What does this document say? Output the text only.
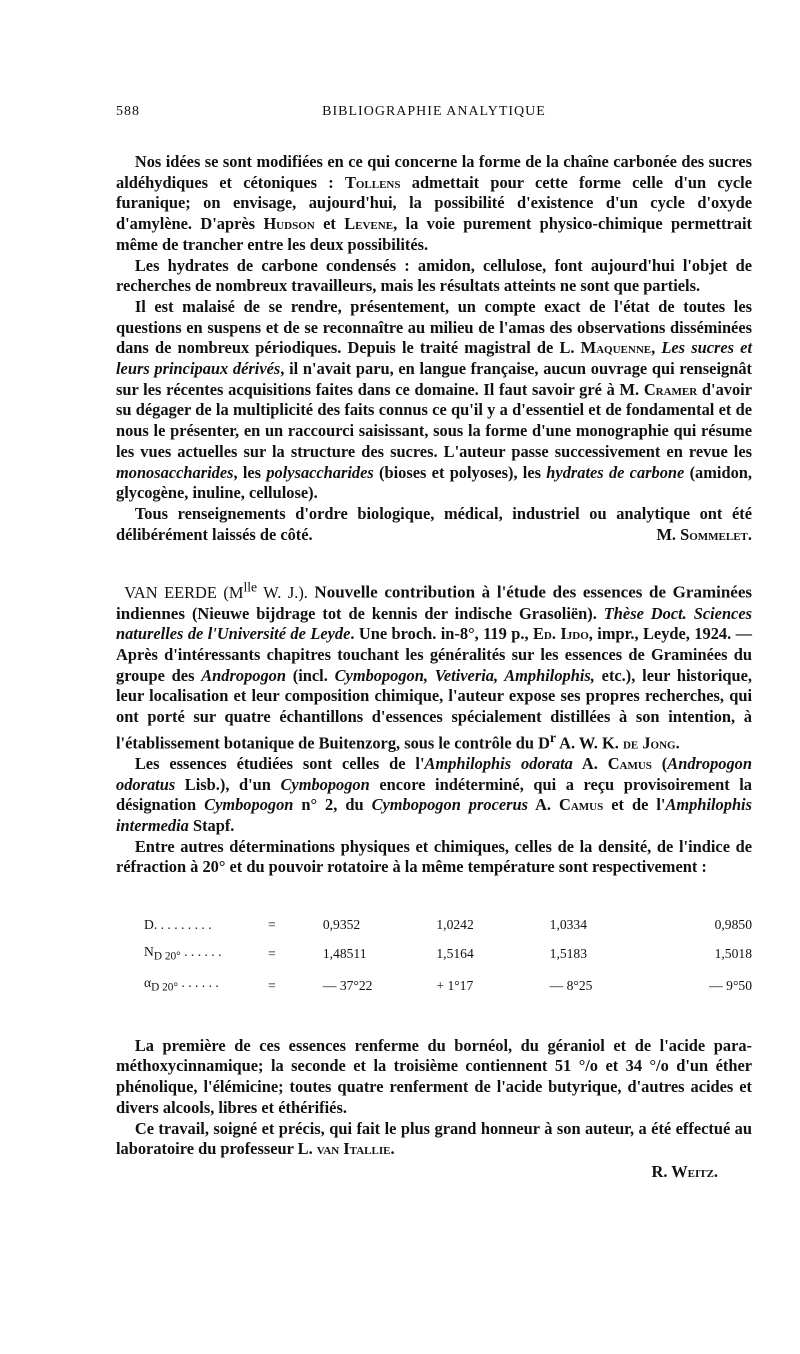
588	BIBLIOGRAPHIE ANALYTIQUE

Nos idées se sont modifiées en ce qui concerne la forme de la chaîne carbonée des sucres aldéhydiques et cétoniques : Tollens admettait pour cette forme celle d'un cycle furanique; on envisage, aujourd'hui, la possibilité d'existence d'un cycle d'oxyde d'amylène. D'après Hudson et Levene, la voie purement physico-chimique permettrait même de trancher entre les deux possibilités.

Les hydrates de carbone condensés : amidon, cellulose, font aujourd'hui l'objet de recherches de nombreux travailleurs, mais les résultats atteints ne sont que partiels.

Il est malaisé de se rendre, présentement, un compte exact de l'état de toutes les questions en suspens et de se reconnaître au milieu de l'amas des observations disséminées dans de nombreux périodiques. Depuis le traité magistral de L. Maquenne, Les sucres et leurs principaux dérivés, il n'avait paru, en langue française, aucun ouvrage qui renseignât sur les récentes acquisitions faites dans ce domaine. Il faut savoir gré à M. Cramer d'avoir su dégager de la multiplicité des faits connus ce qu'il y a d'essentiel et de fondamental et de nous le présenter, en un raccourci saisissant, sous la forme d'une monographie qui résume les vues actuelles sur la structure des sucres. L'auteur passe successivement en revue les monosaccharides, les polysaccharides (bioses et polyoses), les hydrates de carbone (amidon, glycogène, inuline, cellulose).

Tous renseignements d'ordre biologique, médical, industriel ou analytique ont été délibérément laissés de côté.	M. Sommelet.

VAN EERDE ($M^{lle}$ W. J.). Nouvelle contribution à l'étude des essences de Graminées indiennes (Nieuwe bijdrage tot de kennis der indische Grasoliën). Thèse Doct. Sciences naturelles de l'Université de Leyde. Une broch. in-8°, 119 p., Ed. Ijdo, impr., Leyde, 1924. — Après d'intéressants chapitres touchant les généralités sur les essences de Graminées du groupe des Andropogon (incl. Cymbopogon, Vetiveria, Amphilophis, etc.), leur historique, leur localisation et leur composition chimique, l'auteur expose ses propres recherches, qui ont porté sur quatre échantillons d'essences spécialement distillées à son intention, à l'établissement botanique de Buitenzorg, sous le contrôle du $D^r$ A. W. K. de Jong.

Les essences étudiées sont celles de l'Amphilophis odorata A. Camus (Andropogon odoratus Lisb.), d'un Cymbopogon encore indéterminé, qui a reçu provisoirement la désignation Cymbopogon n° 2, du Cymbopogon procerus A. Camus et de l'Amphilophis intermedia Stapf.

Entre autres déterminations physiques et chimiques, celles de la densité, de l'indice de réfraction à 20° et du pouvoir rotatoire à la même température sont respectivement :

D. . . . . . . . .	=	0,9352	1,0242	1,0334	0,9850
$N_{D 20^\circ}$ . . . . . .	=	1,48511	1,5164	1,5183	1,5018
$\alpha_{D 20^\circ}$ . . . . . .	=	— 37°22	+ 1°17	— 8°25	— 9°50

La première de ces essences renferme du bornéol, du géraniol et de l'acide para-méthoxycinnamique; la seconde et la troisième contiennent 51 °/o et 34 °/o d'un éther phénolique, l'élémicine; toutes quatre renferment de l'acide butyrique, d'autres acides et divers alcools, libres et éthérifiés.

Ce travail, soigné et précis, qui fait le plus grand honneur à son auteur, a été effectué au laboratoire du professeur L. van Itallie.

R. Weitz.
